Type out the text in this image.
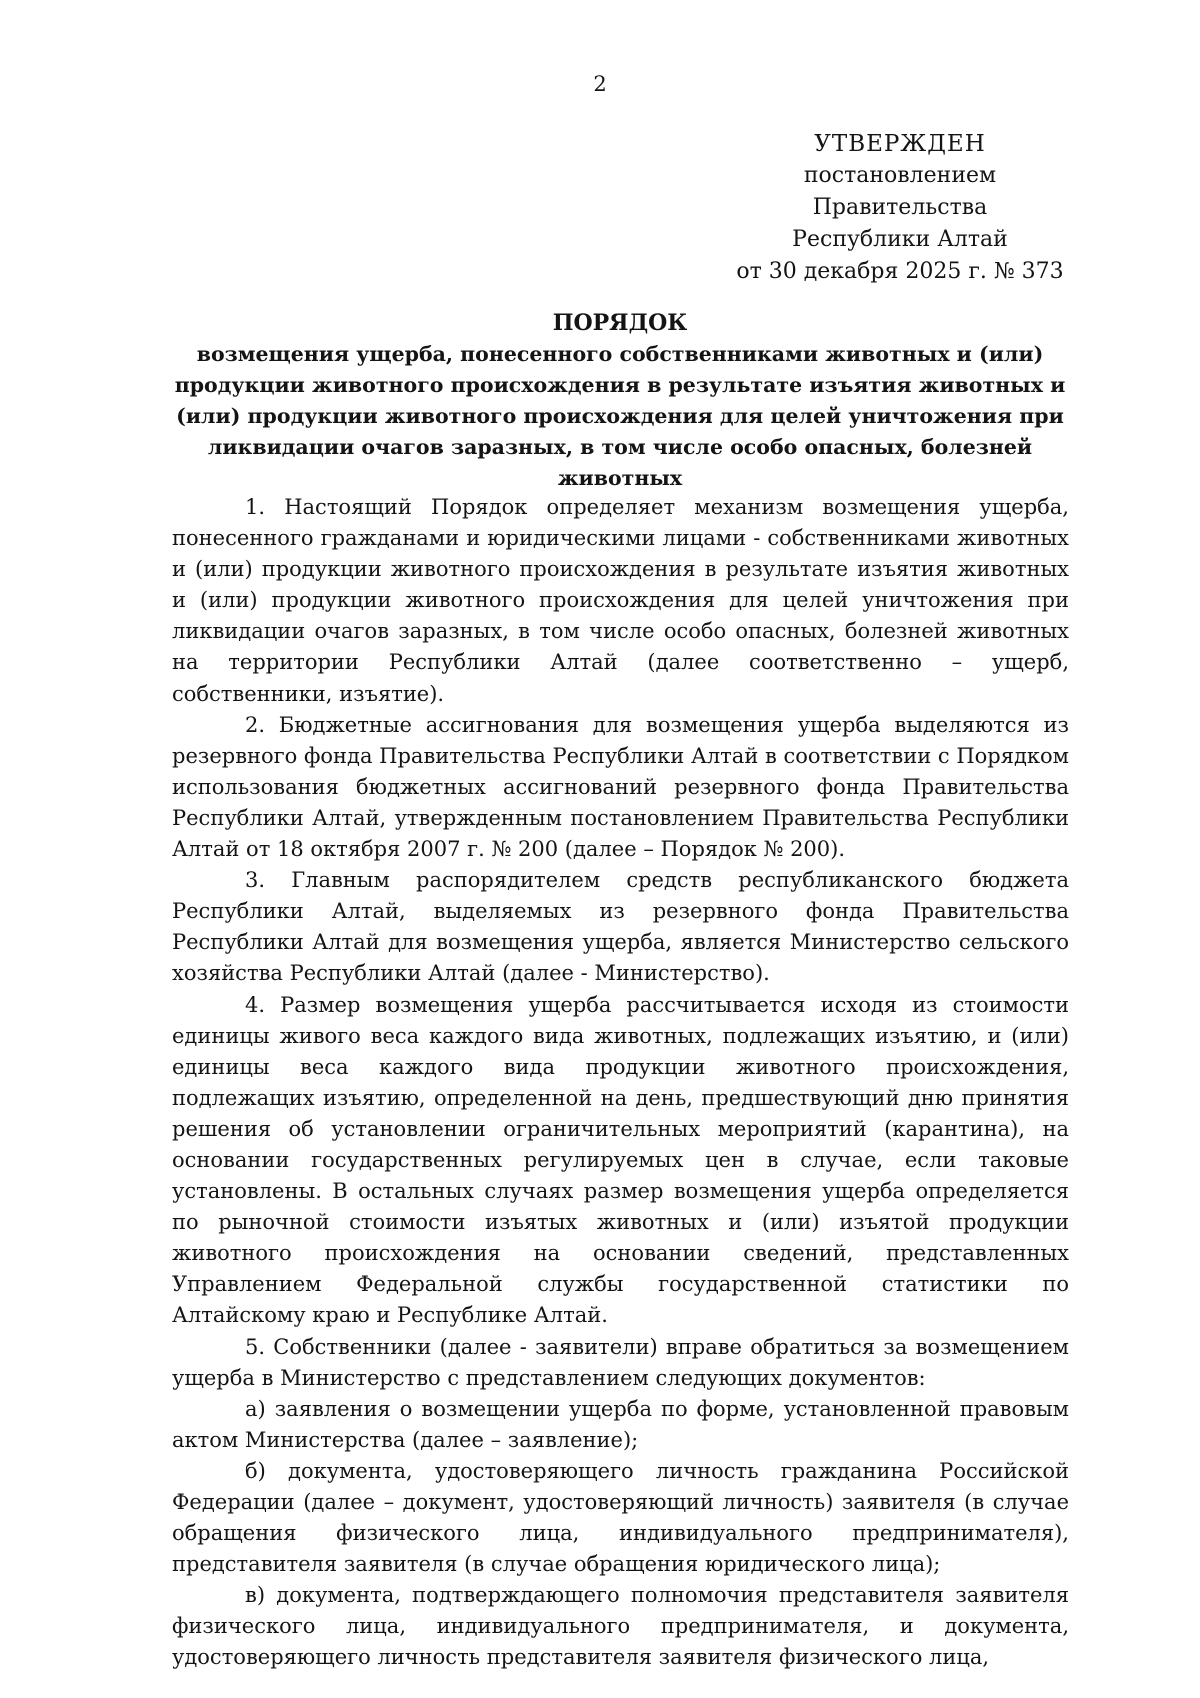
2
УТВЕРЖДЕН
постановлением Правительства
Республики Алтай
от 30 декабря 2025 г. № 373
ПОРЯДОК
возмещения ущерба, понесенного собственниками животных и (или) продукции животного происхождения в результате изъятия животных и (или) продукции животного происхождения для целей уничтожения при ликвидации очагов заразных, в том числе особо опасных, болезней животных

1. Настоящий Порядок определяет механизм возмещения ущерба, понесенного гражданами и юридическими лицами - собственниками животных и (или) продукции животного происхождения в результате изъятия животных и (или) продукции животного происхождения для целей уничтожения при ликвидации очагов заразных, в том числе особо опасных, болезней животных на территории Республики Алтай (далее соответственно – ущерб, собственники, изъятие).

2. Бюджетные ассигнования для возмещения ущерба выделяются из резервного фонда Правительства Республики Алтай в соответствии с Порядком использования бюджетных ассигнований резервного фонда Правительства Республики Алтай, утвержденным постановлением Правительства Республики Алтай от 18 октября 2007 г. № 200 (далее – Порядок № 200).

3. Главным распорядителем средств республиканского бюджета Республики Алтай, выделяемых из резервного фонда Правительства Республики Алтай для возмещения ущерба, является Министерство сельского хозяйства Республики Алтай (далее - Министерство).

4. Размер возмещения ущерба рассчитывается исходя из стоимости единицы живого веса каждого вида животных, подлежащих изъятию, и (или) единицы веса каждого вида продукции животного происхождения, подлежащих изъятию, определенной на день, предшествующий дню принятия решения об установлении ограничительных мероприятий (карантина), на основании государственных регулируемых цен в случае, если таковые установлены. В остальных случаях размер возмещения ущерба определяется по рыночной стоимости изъятых животных и (или) изъятой продукции животного происхождения на основании сведений, представленных Управлением Федеральной службы государственной статистики по Алтайскому краю и Республике Алтай.

5. Собственники (далее - заявители) вправе обратиться за возмещением ущерба в Министерство с представлением следующих документов:

а) заявления о возмещении ущерба по форме, установленной правовым актом Министерства (далее – заявление);

б) документа, удостоверяющего личность гражданина Российской Федерации (далее – документ, удостоверяющий личность) заявителя (в случае обращения физического лица, индивидуального предпринимателя), представителя заявителя (в случае обращения юридического лица);

в) документа, подтверждающего полномочия представителя заявителя физического лица, индивидуального предпринимателя, и документа, удостоверяющего личность представителя заявителя физического лица,
